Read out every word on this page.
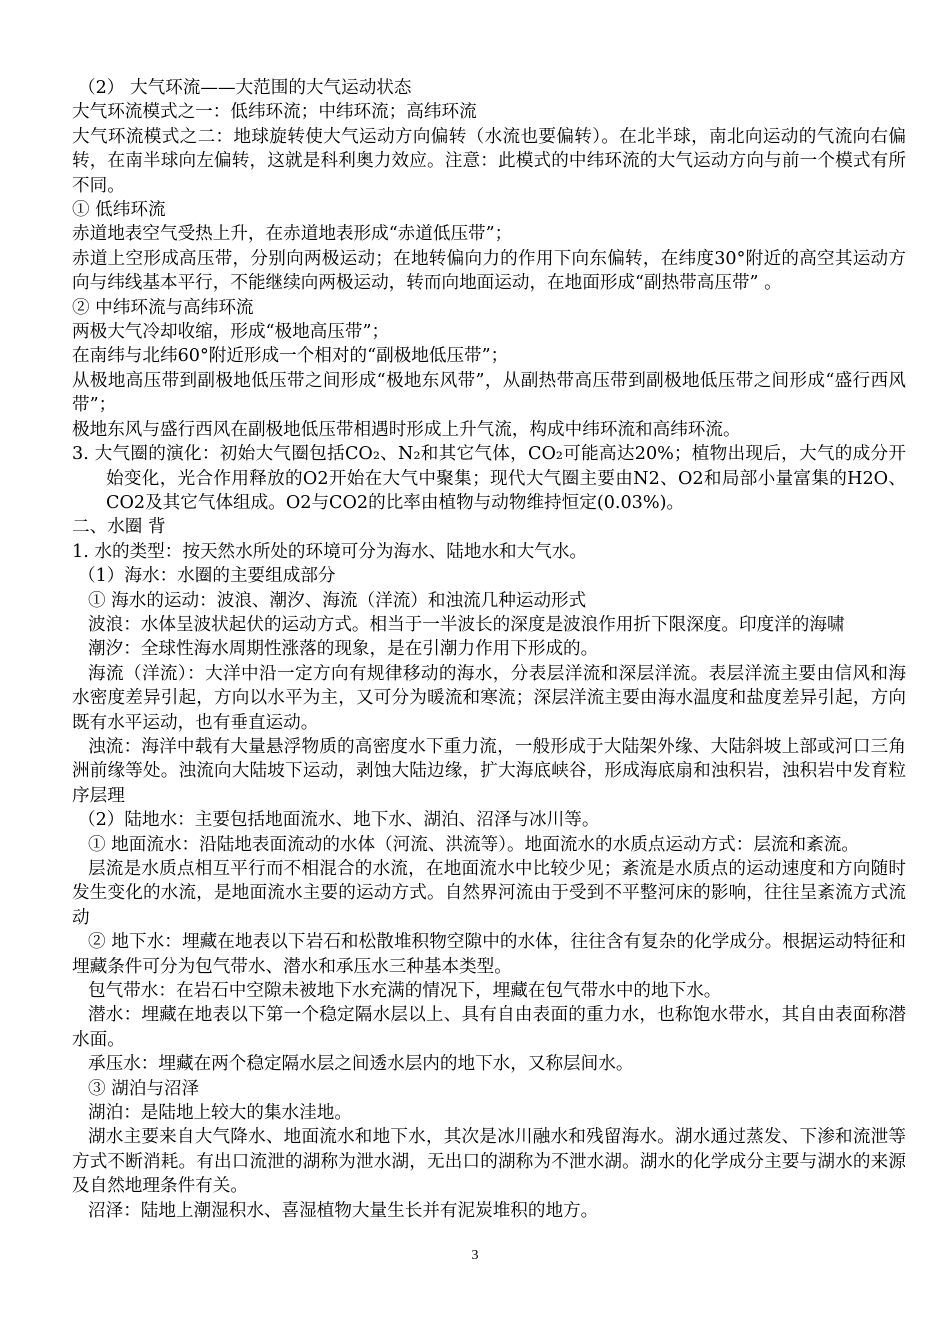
（2） 大气环流——大范围的大气运动状态

大气环流模式之一：低纬环流；中纬环流；高纬环流

大气环流模式之二：地球旋转使大气运动方向偏转（水流也要偏转）。在北半球，南北向运动的气流向右偏转，在南半球向左偏转，这就是科利奥力效应。注意：此模式的中纬环流的大气运动方向与前一个模式有所不同。

① 低纬环流

赤道地表空气受热上升，在赤道地表形成“赤道低压带”；

赤道上空形成高压带，分别向两极运动；在地转偏向力的作用下向东偏转，在纬度30°附近的高空其运动方向与纬线基本平行，不能继续向两极运动，转而向地面运动，在地面形成“副热带高压带” 。

② 中纬环流与高纬环流

两极大气冷却收缩，形成“极地高压带”；

在南纬与北纬60°附近形成一个相对的“副极地低压带”；

从极地高压带到副极地低压带之间形成“极地东风带”，从副热带高压带到副极地低压带之间形成“盛行西风带”；

极地东风与盛行西风在副极地低压带相遇时形成上升气流，构成中纬环流和高纬环流。

3. 大气圈的演化：初始大气圈包括CO₂、N₂和其它气体，CO₂可能高达20%；植物出现后，大气的成分开始变化，光合作用释放的O2开始在大气中聚集；现代大气圈主要由N2、O2和局部小量富集的H2O、CO2及其它气体组成。O2与CO2的比率由植物与动物维持恒定(0.03%)。

二、水圈 背

1. 水的类型：按天然水所处的环境可分为海水、陆地水和大气水。

（1）海水：水圈的主要组成部分

① 海水的运动：波浪、潮汐、海流（洋流）和浊流几种运动形式

波浪：水体呈波状起伏的运动方式。相当于一半波长的深度是波浪作用折下限深度。印度洋的海啸

潮汐：全球性海水周期性涨落的现象，是在引潮力作用下形成的。

海流（洋流）：大洋中沿一定方向有规律移动的海水，分表层洋流和深层洋流。表层洋流主要由信风和海水密度差异引起，方向以水平为主，又可分为暖流和寒流；深层洋流主要由海水温度和盐度差异引起，方向既有水平运动，也有垂直运动。

浊流：海洋中载有大量悬浮物质的高密度水下重力流，一般形成于大陆架外缘、大陆斜坡上部或河口三角洲前缘等处。浊流向大陆坡下运动，剥蚀大陆边缘，扩大海底峡谷，形成海底扇和浊积岩，浊积岩中发育粒序层理

（2）陆地水：主要包括地面流水、地下水、湖泊、沼泽与冰川等。

① 地面流水：沿陆地表面流动的水体（河流、洪流等）。地面流水的水质点运动方式：层流和紊流。

层流是水质点相互平行而不相混合的水流，在地面流水中比较少见；紊流是水质点的运动速度和方向随时发生变化的水流，是地面流水主要的运动方式。自然界河流由于受到不平整河床的影响，往往呈紊流方式流动

② 地下水：埋藏在地表以下岩石和松散堆积物空隙中的水体，往往含有复杂的化学成分。根据运动特征和埋藏条件可分为包气带水、潜水和承压水三种基本类型。

包气带水：在岩石中空隙未被地下水充满的情况下，埋藏在包气带水中的地下水。

潜水：埋藏在地表以下第一个稳定隔水层以上、具有自由表面的重力水，也称饱水带水，其自由表面称潜水面。

承压水：埋藏在两个稳定隔水层之间透水层内的地下水，又称层间水。

③ 湖泊与沼泽

湖泊：是陆地上较大的集水洼地。

湖水主要来自大气降水、地面流水和地下水，其次是冰川融水和残留海水。湖水通过蒸发、下渗和流泄等方式不断消耗。有出口流泄的湖称为泄水湖，无出口的湖称为不泄水湖。湖水的化学成分主要与湖水的来源及自然地理条件有关。

沼泽：陆地上潮湿积水、喜湿植物大量生长并有泥炭堆积的地方。

3
